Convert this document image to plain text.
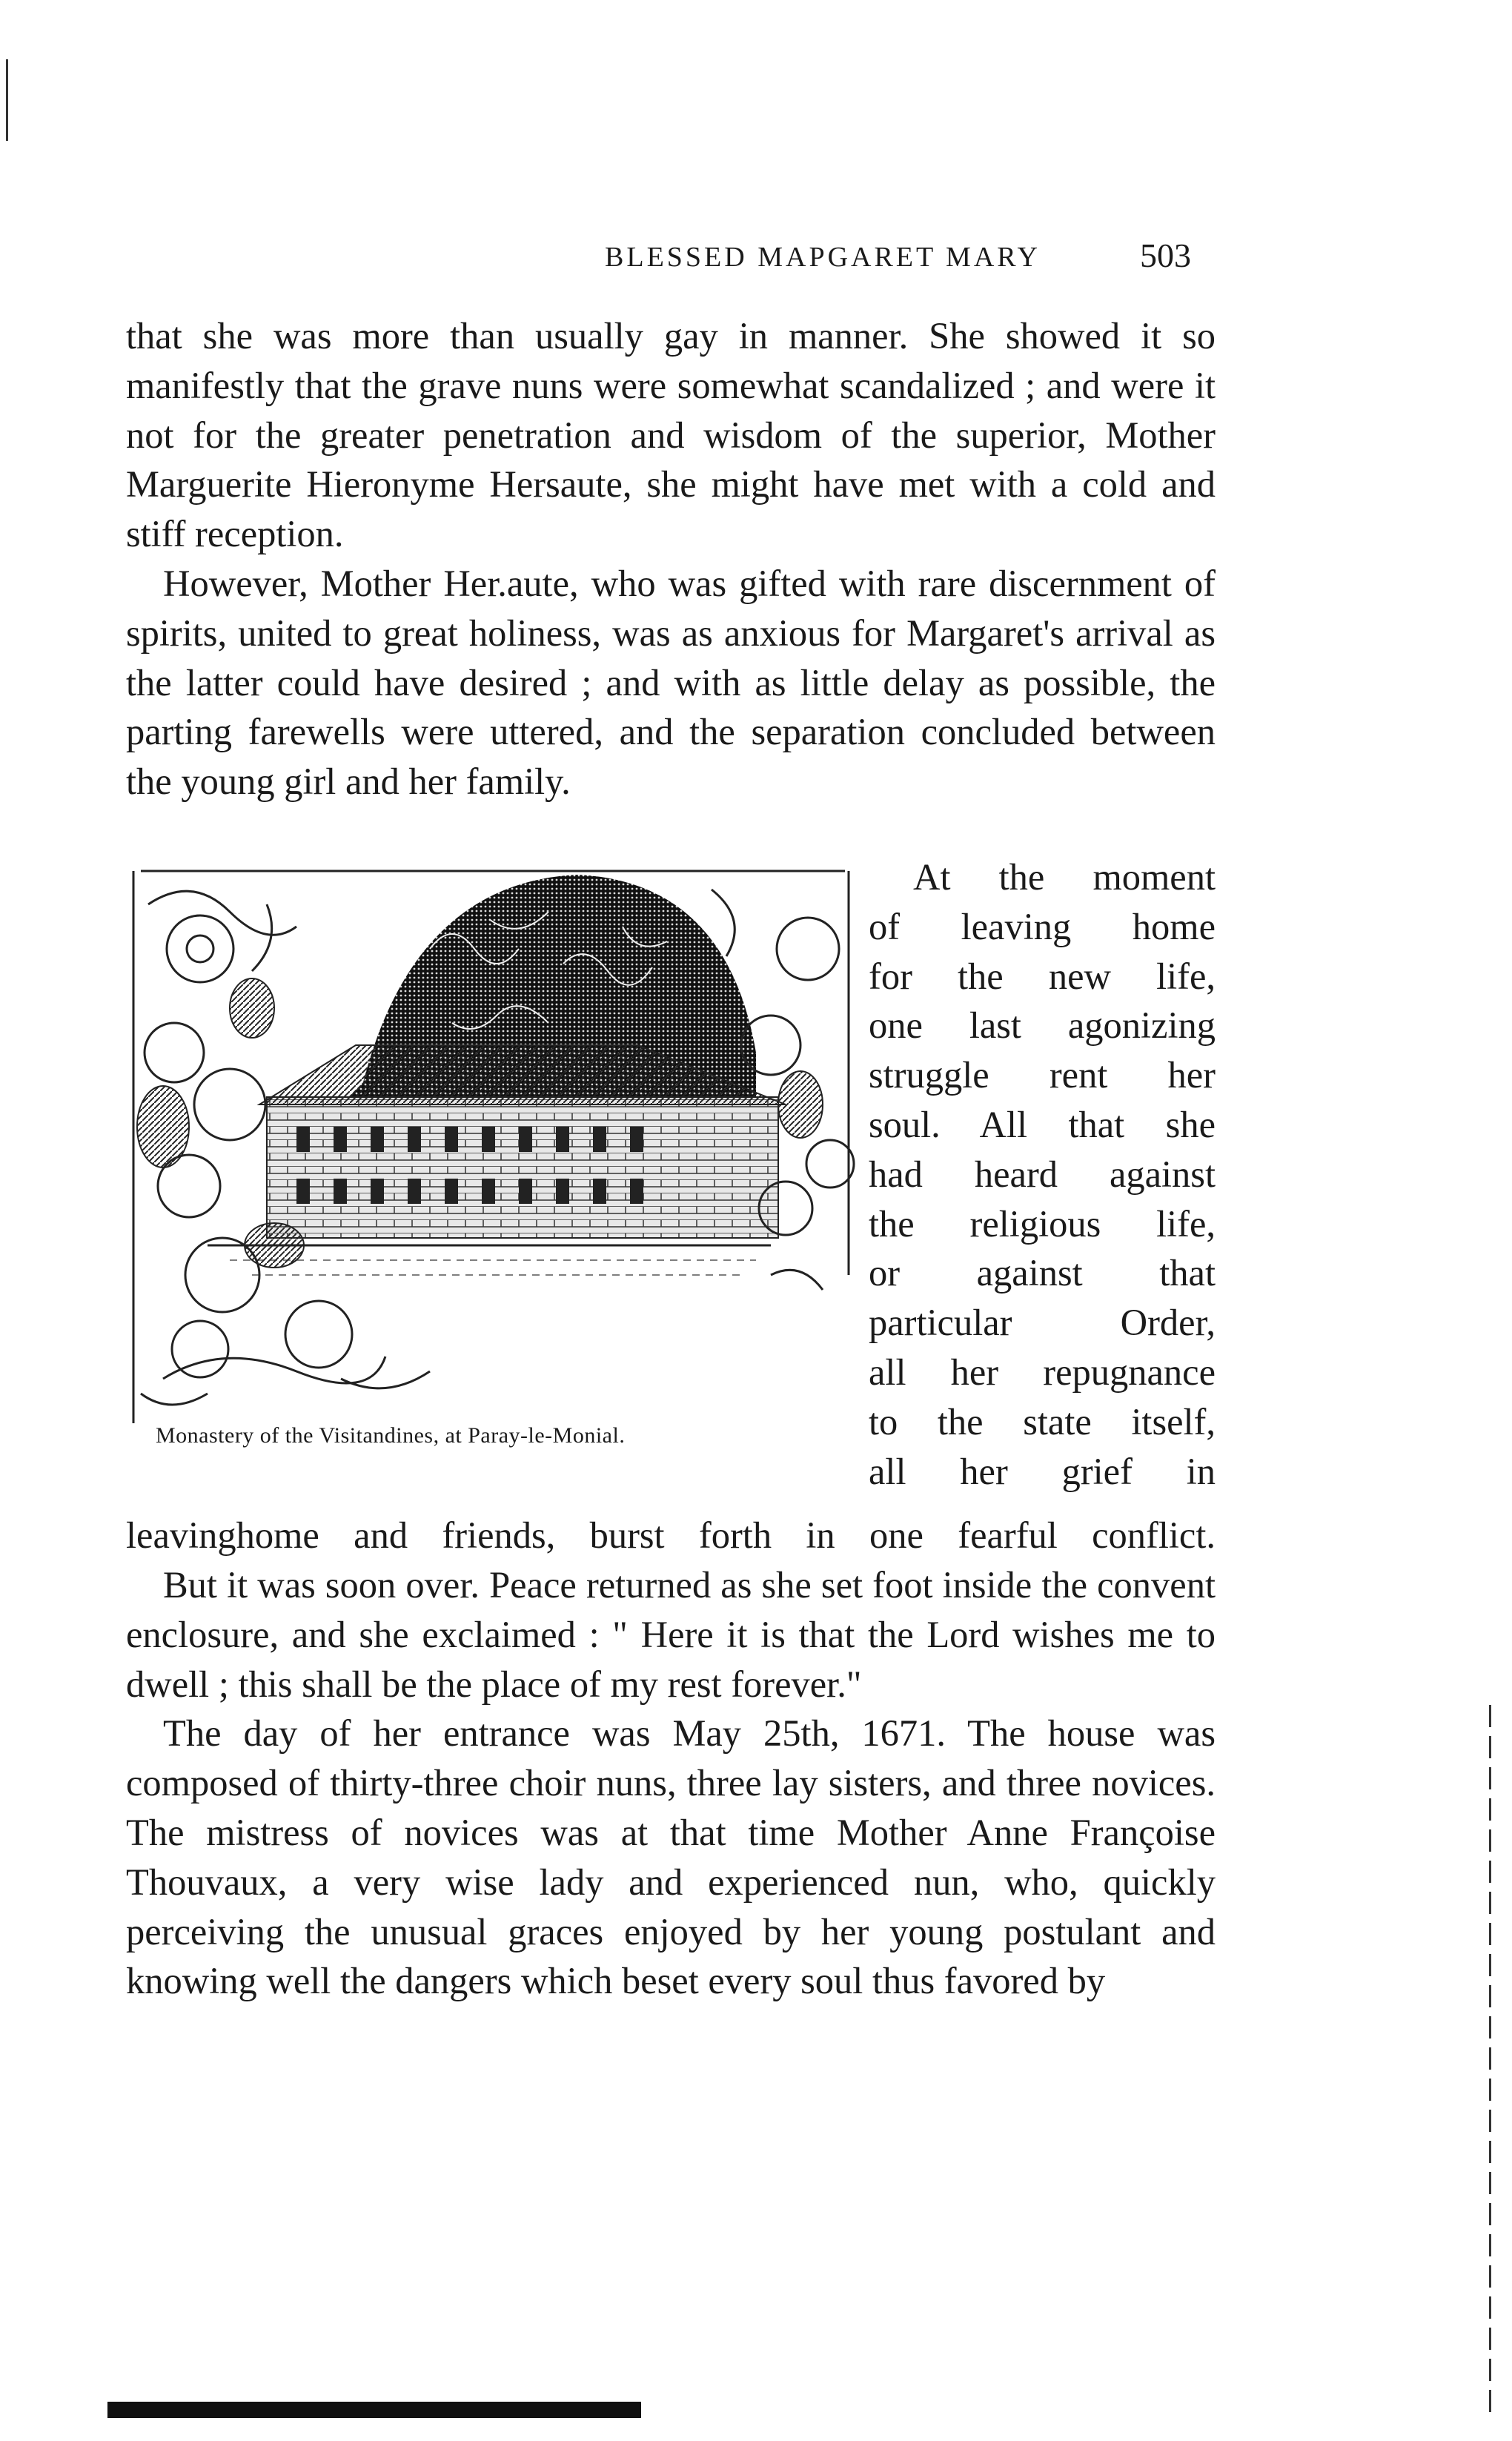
BLESSED MAPGARET MARY	503

that she was more than usually gay in manner. She showed it so manifestly that the grave nuns were somewhat scandalized ; and were it not for the greater penetration and wisdom of the superior, Mother Marguerite Hieronyme Hersaute, she might have met with a cold and stiff reception.

However, Mother Her.aute, who was gifted with rare discernment of spirits, united to great holiness, was as anxious for Margaret's arrival as the latter could have desired ; and with as little delay as possible, the parting farewells were uttered, and the separation concluded between the young girl and her family.

Monastery of the Visitandines, at Paray-le-Monial.
At the moment
of leaving home
for the new life,
one last agonizing
struggle rent her
soul. All that she
had heard against
the religious life,
or against that
particular Order,
all her repugnance
to the state itself,
all her grief in
leavinghome and friends, burst forth in one fearful conflict.

But it was soon over. Peace returned as she set foot inside the convent enclosure, and she exclaimed : " Here it is that the Lord wishes me to dwell ; this shall be the place of my rest forever."

The day of her entrance was May 25th, 1671. The house was composed of thirty-three choir nuns, three lay sisters, and three novices. The mistress of novices was at that time Mother Anne Françoise Thouvaux, a very wise lady and experienced nun, who, quickly perceiving the unusual graces enjoyed by her young postulant and knowing well the dangers which beset every soul thus favored by
